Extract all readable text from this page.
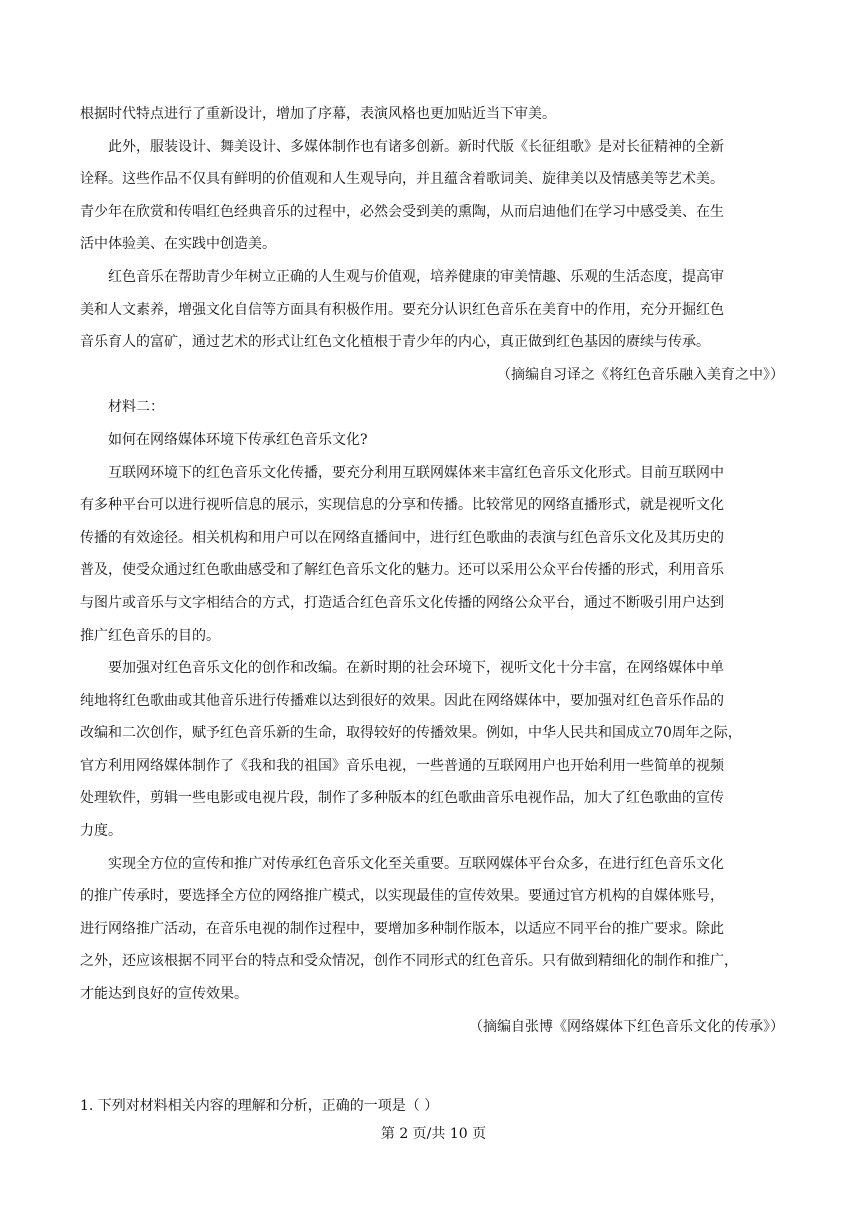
根据时代特点进行了重新设计，增加了序幕，表演风格也更加贴近当下审美。
此外，服装设计、舞美设计、多媒体制作也有诸多创新。新时代版《长征组歌》是对长征精神的全新
诠释。这些作品不仅具有鲜明的价值观和人生观导向，并且蕴含着歌词美、旋律美以及情感美等艺术美。
青少年在欣赏和传唱红色经典音乐的过程中，必然会受到美的熏陶，从而启迪他们在学习中感受美、在生
活中体验美、在实践中创造美。
红色音乐在帮助青少年树立正确的人生观与价值观，培养健康的审美情趣、乐观的生活态度，提高审
美和人文素养，增强文化自信等方面具有积极作用。要充分认识红色音乐在美育中的作用，充分开掘红色
音乐育人的富矿，通过艺术的形式让红色文化植根于青少年的内心，真正做到红色基因的赓续与传承。
（摘编自习译之《将红色音乐融入美育之中》）
材料二：
如何在网络媒体环境下传承红色音乐文化?
互联网环境下的红色音乐文化传播，要充分利用互联网媒体来丰富红色音乐文化形式。目前互联网中
有多种平台可以进行视听信息的展示，实现信息的分享和传播。比较常见的网络直播形式，就是视听文化
传播的有效途径。相关机构和用户可以在网络直播间中，进行红色歌曲的表演与红色音乐文化及其历史的
普及，使受众通过红色歌曲感受和了解红色音乐文化的魅力。还可以采用公众平台传播的形式，利用音乐
与图片或音乐与文字相结合的方式，打造适合红色音乐文化传播的网络公众平台，通过不断吸引用户达到
推广红色音乐的目的。
要加强对红色音乐文化的创作和改编。在新时期的社会环境下，视听文化十分丰富，在网络媒体中单
纯地将红色歌曲或其他音乐进行传播难以达到很好的效果。因此在网络媒体中，要加强对红色音乐作品的
改编和二次创作，赋予红色音乐新的生命，取得较好的传播效果。例如，中华人民共和国成立70周年之际，
官方利用网络媒体制作了《我和我的祖国》音乐电视，一些普通的互联网用户也开始利用一些简单的视频
处理软件，剪辑一些电影或电视片段，制作了多种版本的红色歌曲音乐电视作品，加大了红色歌曲的宣传
力度。
实现全方位的宣传和推广对传承红色音乐文化至关重要。互联网媒体平台众多，在进行红色音乐文化
的推广传承时，要选择全方位的网络推广模式，以实现最佳的宣传效果。要通过官方机构的自媒体账号，
进行网络推广活动，在音乐电视的制作过程中，要增加多种制作版本，以适应不同平台的推广要求。除此
之外，还应该根据不同平台的特点和受众情况，创作不同形式的红色音乐。只有做到精细化的制作和推广，
才能达到良好的宣传效果。
（摘编自张博《网络媒体下红色音乐文化的传承》）
1. 下列对材料相关内容的理解和分析，正确的一项是（ ）
第 2 页/共 10 页
